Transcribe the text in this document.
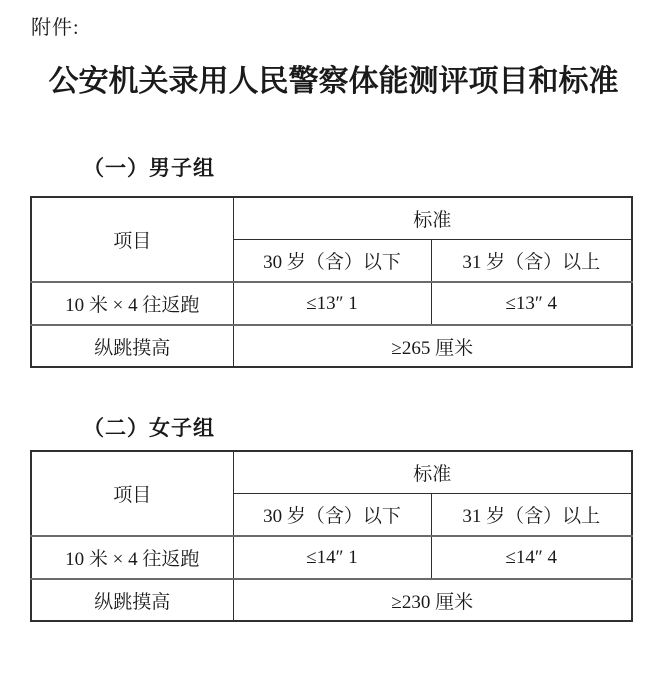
附件:
公安机关录用人民警察体能测评项目和标准
（一）男子组
项目	标准	
	30 岁（含）以下	31 岁（含）以上
10 米 × 4 往返跑	≤13″ 1	≤13″ 4
纵跳摸高	≥265 厘米	
（二）女子组
项目	标准	
	30 岁（含）以下	31 岁（含）以上
10 米 × 4 往返跑	≤14″ 1	≤14″ 4
纵跳摸高	≥230 厘米	
